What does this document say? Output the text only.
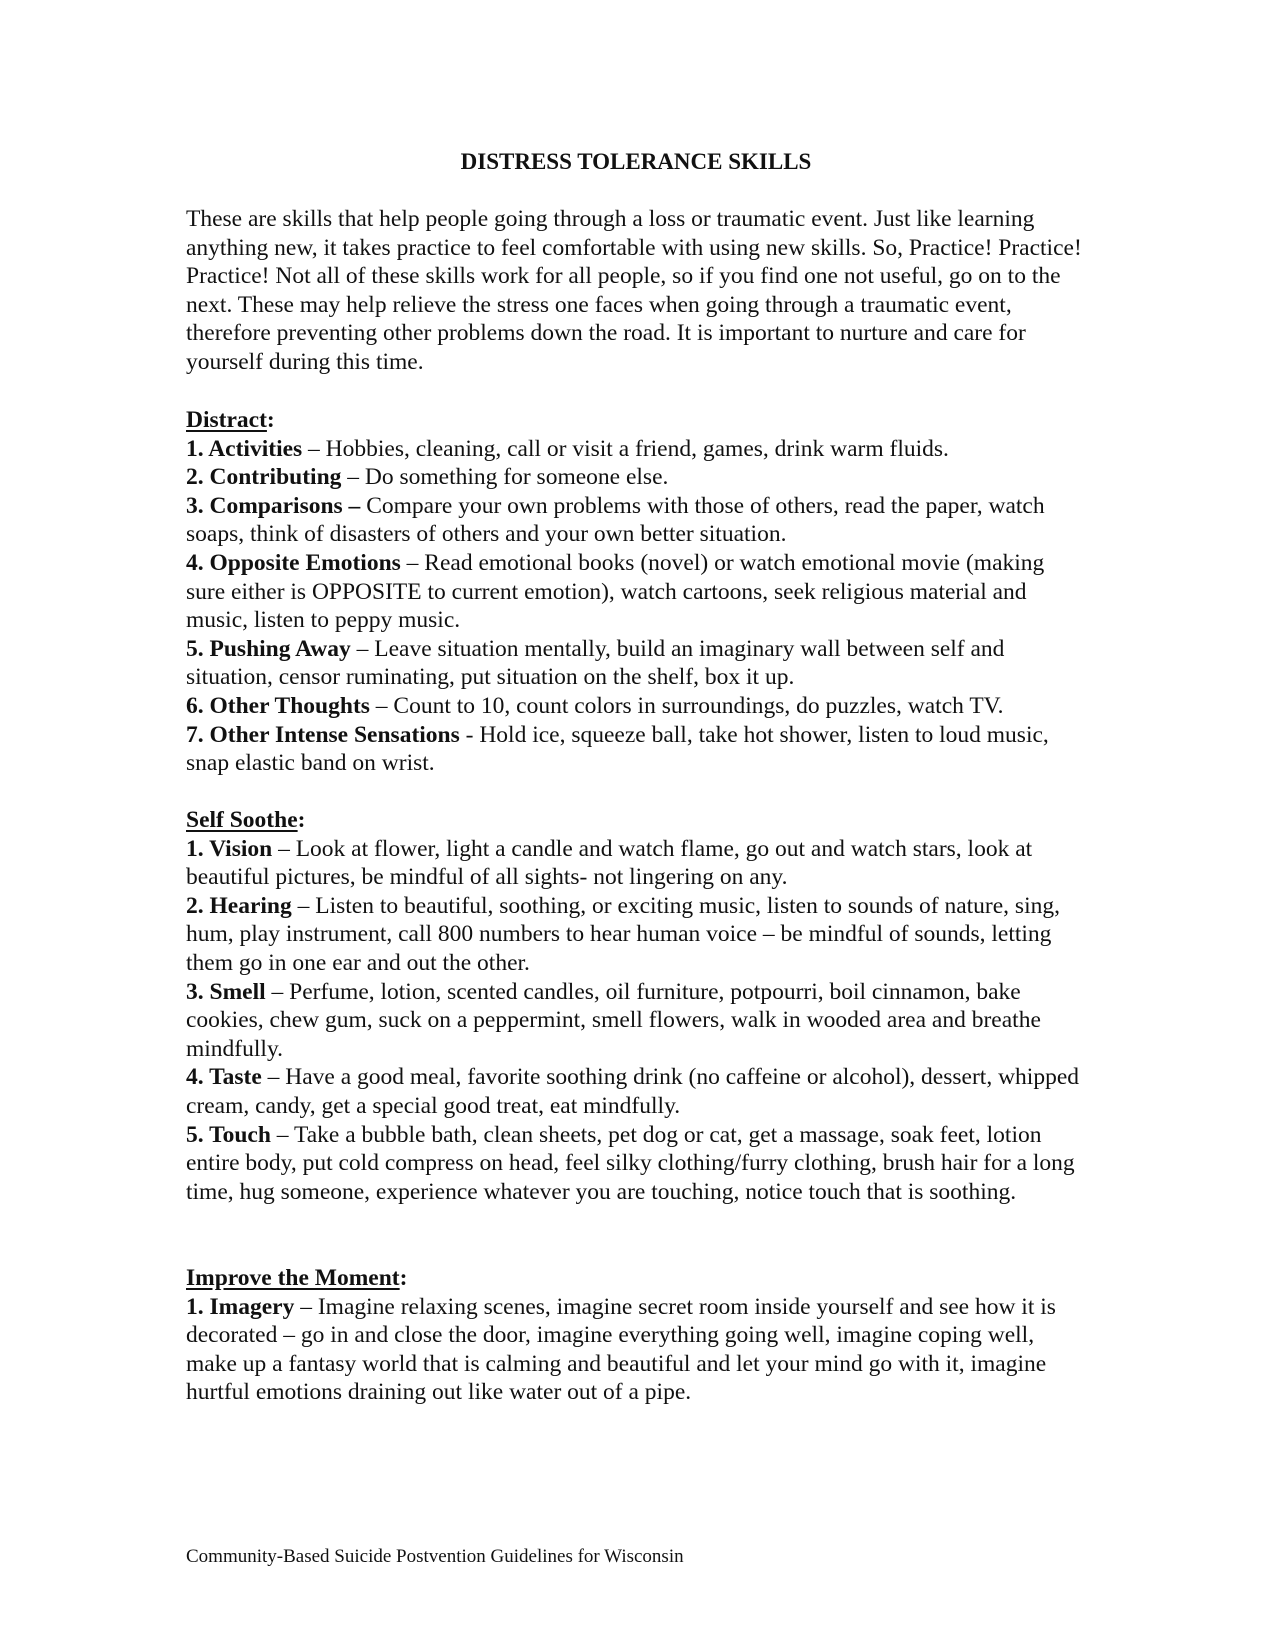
DISTRESS TOLERANCE SKILLS

These are skills that help people going through a loss or traumatic event. Just like learning anything new, it takes practice to feel comfortable with using new skills. So, Practice! Practice! Practice! Not all of these skills work for all people, so if you find one not useful, go on to the next. These may help relieve the stress one faces when going through a traumatic event, therefore preventing other problems down the road. It is important to nurture and care for yourself during this time.

Distract:

1. Activities – Hobbies, cleaning, call or visit a friend, games, drink warm fluids.

2. Contributing – Do something for someone else.

3. Comparisons – Compare your own problems with those of others, read the paper, watch soaps, think of disasters of others and your own better situation.

4. Opposite Emotions – Read emotional books (novel) or watch emotional movie (making sure either is OPPOSITE to current emotion), watch cartoons, seek religious material and music, listen to peppy music.

5. Pushing Away – Leave situation mentally, build an imaginary wall between self and situation, censor ruminating, put situation on the shelf, box it up.

6. Other Thoughts – Count to 10, count colors in surroundings, do puzzles, watch TV.

7. Other Intense Sensations - Hold ice, squeeze ball, take hot shower, listen to loud music, snap elastic band on wrist.

Self Soothe:

1. Vision – Look at flower, light a candle and watch flame, go out and watch stars, look at beautiful pictures, be mindful of all sights- not lingering on any.

2. Hearing – Listen to beautiful, soothing, or exciting music, listen to sounds of nature, sing, hum, play instrument, call 800 numbers to hear human voice – be mindful of sounds, letting them go in one ear and out the other.

3. Smell – Perfume, lotion, scented candles, oil furniture, potpourri, boil cinnamon, bake cookies, chew gum, suck on a peppermint, smell flowers, walk in wooded area and breathe mindfully.

4. Taste – Have a good meal, favorite soothing drink (no caffeine or alcohol), dessert, whipped cream, candy, get a special good treat, eat mindfully.

5. Touch – Take a bubble bath, clean sheets, pet dog or cat, get a massage, soak feet, lotion entire body, put cold compress on head, feel silky clothing/furry clothing, brush hair for a long time, hug someone, experience whatever you are touching, notice touch that is soothing.

Improve the Moment:

1. Imagery – Imagine relaxing scenes, imagine secret room inside yourself and see how it is decorated – go in and close the door, imagine everything going well, imagine coping well, make up a fantasy world that is calming and beautiful and let your mind go with it, imagine hurtful emotions draining out like water out of a pipe.

Community-Based Suicide Postvention Guidelines for Wisconsin
